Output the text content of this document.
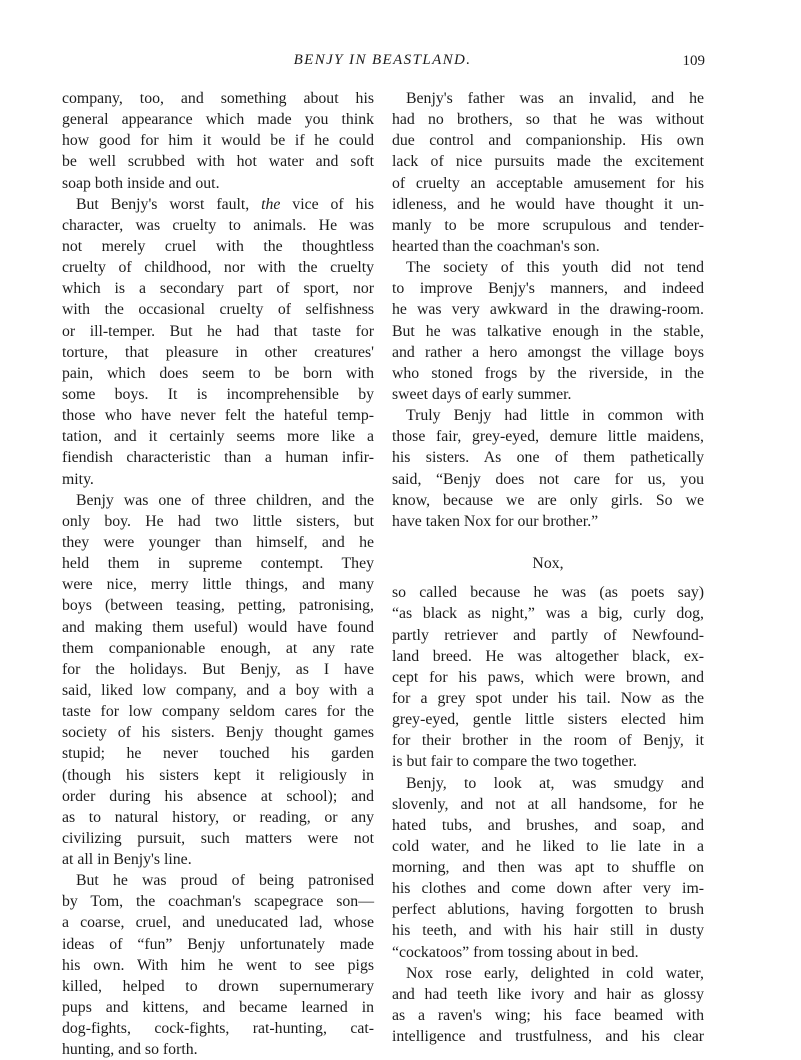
BENJY IN BEASTLAND.	109
company, too, and something about his
general appearance which made you think
how good for him it would be if he could
be well scrubbed with hot water and soft
soap both inside and out.
But Benjy's worst fault, the vice of his
character, was cruelty to animals. He was
not merely cruel with the thoughtless
cruelty of childhood, nor with the cruelty
which is a secondary part of sport, nor
with the occasional cruelty of selfishness
or ill-temper. But he had that taste for
torture, that pleasure in other creatures'
pain, which does seem to be born with
some boys. It is incomprehensible by
those who have never felt the hateful temp-
tation, and it certainly seems more like a
fiendish characteristic than a human infir-
mity.
Benjy was one of three children, and the
only boy. He had two little sisters, but
they were younger than himself, and he
held them in supreme contempt. They
were nice, merry little things, and many
boys (between teasing, petting, patronising,
and making them useful) would have found
them companionable enough, at any rate
for the holidays. But Benjy, as I have
said, liked low company, and a boy with a
taste for low company seldom cares for the
society of his sisters. Benjy thought games
stupid; he never touched his garden
(though his sisters kept it religiously in
order during his absence at school); and
as to natural history, or reading, or any
civilizing pursuit, such matters were not
at all in Benjy's line.
But he was proud of being patronised
by Tom, the coachman's scapegrace son—
a coarse, cruel, and uneducated lad, whose
ideas of “fun” Benjy unfortunately made
his own. With him he went to see pigs
killed, helped to drown supernumerary
pups and kittens, and became learned in
dog-fights, cock-fights, rat-hunting, cat-
hunting, and so forth.
Benjy's father was an invalid, and he
had no brothers, so that he was without
due control and companionship. His own
lack of nice pursuits made the excitement
of cruelty an acceptable amusement for his
idleness, and he would have thought it un-
manly to be more scrupulous and tender-
hearted than the coachman's son.
The society of this youth did not tend
to improve Benjy's manners, and indeed
he was very awkward in the drawing-room.
But he was talkative enough in the stable,
and rather a hero amongst the village boys
who stoned frogs by the riverside, in the
sweet days of early summer.
Truly Benjy had little in common with
those fair, grey-eyed, demure little maidens,
his sisters. As one of them pathetically
said, “Benjy does not care for us, you
know, because we are only girls. So we
have taken Nox for our brother.”
Nox,
so called because he was (as poets say)
“as black as night,” was a big, curly dog,
partly retriever and partly of Newfound-
land breed. He was altogether black, ex-
cept for his paws, which were brown, and
for a grey spot under his tail. Now as the
grey-eyed, gentle little sisters elected him
for their brother in the room of Benjy, it
is but fair to compare the two together.
Benjy, to look at, was smudgy and
slovenly, and not at all handsome, for he
hated tubs, and brushes, and soap, and
cold water, and he liked to lie late in a
morning, and then was apt to shuffle on
his clothes and come down after very im-
perfect ablutions, having forgotten to brush
his teeth, and with his hair still in dusty
“cockatoos” from tossing about in bed.
Nox rose early, delighted in cold water,
and had teeth like ivory and hair as glossy
as a raven's wing; his face beamed with
intelligence and trustfulness, and his clear
